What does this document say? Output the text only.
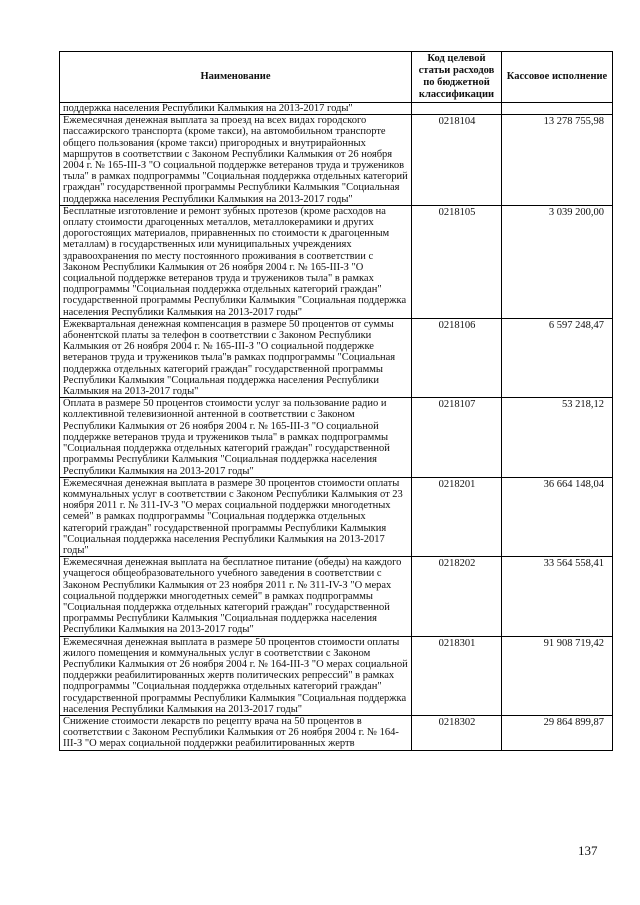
Наименование	Код целевой статьи расходов по бюджетной классификации	Кассовое исполнение
поддержка населения Республики Калмыкия на 2013-2017 годы"		
Ежемесячная денежная выплата за проезд на всех видах городского пассажирского транспорта (кроме такси), на автомобильном транспорте общего пользования (кроме такси) пригородных и внутрирайонных маршрутов в соответствии с Законом Республики Калмыкия от 26 ноября 2004 г. № 165-III-З "О социальной поддержке ветеранов труда и тружеников тыла" в рамках подпрограммы "Социальная поддержка отдельных категорий граждан" государственной программы Республики Калмыкия "Социальная поддержка населения Республики Калмыкия на 2013-2017 годы"	0218104	13 278 755,98
Бесплатные изготовление и ремонт зубных протезов (кроме расходов на оплату стоимости драгоценных металлов, металлокерамики и других дорогостоящих материалов, приравненных по стоимости к драгоценным металлам) в государственных или муниципальных учреждениях здравоохранения по месту постоянного проживания в соответствии с Законом Республики Калмыкия от 26 ноября 2004 г. № 165-III-З "О социальной поддержке ветеранов труда и тружеников тыла" в рамках подпрограммы "Социальная поддержка отдельных категорий граждан" государственной программы Республики Калмыкия "Социальная поддержка населения Республики Калмыкия на 2013-2017 годы"	0218105	3 039 200,00
Ежеквартальная денежная компенсация в размере 50 процентов от суммы абонентской платы за телефон в соответствии с Законом Республики Калмыкия от 26 ноября 2004 г. № 165-III-З "О социальной поддержке ветеранов труда и тружеников тыла"в рамках подпрограммы "Социальная поддержка отдельных категорий граждан" государственной программы Республики Калмыкия "Социальная поддержка населения Республики Калмыкия на 2013-2017 годы"	0218106	6 597 248,47
Оплата в размере 50 процентов стоимости услуг за пользование радио и коллективной телевизионной антенной в соответствии с Законом Республики Калмыкия от 26 ноября 2004 г. № 165-III-З "О социальной поддержке ветеранов труда и тружеников тыла" в рамках подпрограммы "Социальная поддержка отдельных категорий граждан" государственной программы Республики Калмыкия "Социальная поддержка населения Республики Калмыкия на 2013-2017 годы"	0218107	53 218,12
Ежемесячная денежная выплата в размере 30 процентов стоимости оплаты коммунальных услуг в соответствии с Законом Республики Калмыкия от 23 ноября 2011 г. № 311-IV-З "О мерах социальной поддержки многодетных семей" в рамках подпрограммы "Социальная поддержка отдельных категорий граждан" государственной программы Республики Калмыкия "Социальная поддержка населения Республики Калмыкия на 2013-2017 годы"	0218201	36 664 148,04
Ежемесячная денежная выплата на бесплатное питание (обеды) на каждого учащегося общеобразовательного учебного заведения в соответствии с Законом Республики Калмыкия от 23 ноября 2011 г. № 311-IV-З "О мерах социальной поддержки многодетных семей" в рамках подпрограммы "Социальная поддержка отдельных категорий граждан" государственной программы Республики Калмыкия "Социальная поддержка населения Республики Калмыкия на 2013-2017 годы"	0218202	33 564 558,41
Ежемесячная денежная выплата в размере 50 процентов стоимости оплаты жилого помещения и коммунальных услуг в соответствии с Законом Республики Калмыкия от 26 ноября 2004 г. № 164-III-З "О мерах социальной поддержки реабилитированных жертв политических репрессий" в рамках подпрограммы "Социальная поддержка отдельных категорий граждан" государственной программы Республики Калмыкия "Социальная поддержка населения Республики Калмыкия на 2013-2017 годы"	0218301	91 908 719,42
Снижение стоимости лекарств по рецепту врача на 50 процентов в соответствии с Законом Республики Калмыкия от 26 ноября 2004 г. № 164-III-З "О мерах социальной поддержки реабилитированных жертв	0218302	29 864 899,87
137
